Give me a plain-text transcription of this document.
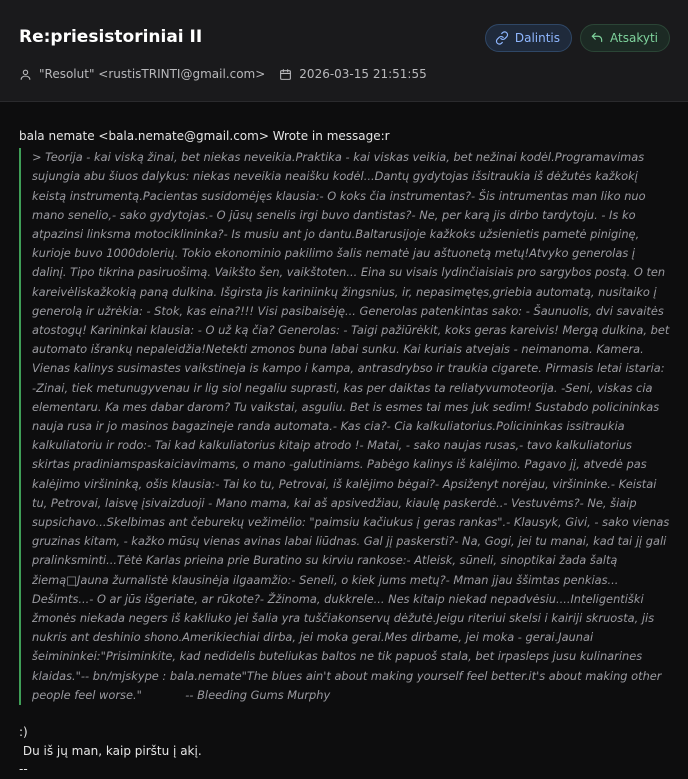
Re:priesistoriniai II	Dalintis	Atsakyti
"Resolut" <rustisTRINTI@gmail.com>	2026-03-15 21:51:55
bala nemate <bala.nemate@gmail.com> Wrote in message:r
> Teorija - kai viską žinai, bet niekas neveikia.Praktika - kai viskas veikia, bet nežinai kodėl.Programavimas sujungia abu šiuos dalykus: niekas neveikia neaišku kodėl...Dantų gydytojas išsitraukia iš dėžutės kažkokį keistą instrumentą.Pacientas susidomėjęs klausia:- O koks čia instrumentas?- Šis intrumentas man liko nuo mano senelio,- sako gydytojas.- O jūsų senelis irgi buvo dantistas?- Ne, per karą jis dirbo tardytoju. - Is ko atpazinsi linksma motociklininka?- Is musiu ant jo dantu.Baltarusijoje kažkoks užsienietis pametė piniginę, kurioje buvo 1000dolerių. Tokio ekonominio pakilimo šalis nematė jau aštuonetą metų!Atvyko generolas į dalinį. Tipo tikrina pasiruošimą. Vaikšto šen, vaikštoten... Eina su visais lydinčiaisiais pro sargybos postą. O ten kareivėliskažkokią paną dulkina. Išgirsta jis kariniinkų žingsnius, ir, nepasimętęs,griebia automatą, nusitaiko į generolą ir užrėkia: - Stok, kas eina?!!! Visi pasibaisėję... Generolas patenkintas sako: - Šaunuolis, dvi savaitės atostogų! Karininkai klausia: - O už ką čia? Generolas: - Taigi pažiūrėkit, koks geras kareivis! Mergą dulkina, bet automato išrankų nepaleidžia!Netekti zmonos buna labai sunku. Kai kuriais atvejais - neimanoma. Kamera. Vienas kalinys susimastes vaikstineja is kampo i kampa, antrasdrybso ir traukia cigarete. Pirmasis letai istaria: -Zinai, tiek metunugyvenau ir lig siol negaliu suprasti, kas per daiktas ta reliatyvumoteorija. -Seni, viskas cia elementaru. Ka mes dabar darom? Tu vaikstai, asguliu. Bet is esmes tai mes juk sedim! Sustabdo policininkas nauja rusa ir jo masinos bagazineje randa automata.- Kas cia?- Cia kalkuliatorius.Policininkas issitraukia kalkuliatoriu ir rodo:- Tai kad kalkuliatorius kitaip atrodo !- Matai, - sako naujas rusas,- tavo kalkuliatorius skirtas pradiniamspaskaiciavimams, o mano -galutiniams. Pabėgo kalinys iš kalėjimo. Pagavo jį, atvedė pas kalėjimo viršininką, ošis klausia:- Tai ko tu, Petrovai, iš kalėjimo bėgai?- Apsiženyt norėjau, viršininke.- Keistai tu, Petrovai, laisvę įsivaizduoji - Mano mama, kai aš apsivedžiau, kiaulę paskerdė..- Vestuvėms?- Ne, šiaip supsichavo...Skelbimas ant čeburekų vežimėlio: "paimsiu kačiukus į geras rankas".- Klausyk, Givi, - sako vienas gruzinas kitam, - kažko mūsų vienas avinas labai liūdnas. Gal jį paskersti?- Na, Gogi, jei tu manai, kad tai jį gali pralinksminti...Tėtė Karlas prieina prie Buratino su kirviu rankose:- Atleisk, sūneli, sinoptikai žada šaltą žiemą□Jauna žurnalistė klausinėja ilgaamžio:- Seneli, o kiek jums metų?- Mman jjau ššimtas penkias... Dešimts...- O ar jūs išgeriate, ar rūkote?- Žžinoma, dukkrele... Nes kitaip niekad nepadvėsiu....Inteligentiški žmonės niekada negers iš kakliuko jei šalia yra tuščiakonservų dėžutė.Jeigu riteriui skelsi i kairiji skruosta, jis nukris ant deshinio shono.Amerikiechiai dirba, jei moka gerai.Mes dirbame, jei moka - gerai.Jaunai šeimininkei:"Prisiminkite, kad nedidelis buteliukas baltos ne tik papuoš stala, bet irpasleps jusu kulinarines klaidas."-- bn/mjskype : bala.nemate"The blues ain't about making yourself feel better.it's about making other people feel worse."            -- Bleeding Gums Murphy
:)
Du iš jų man, kaip pirštu į akį.
--
